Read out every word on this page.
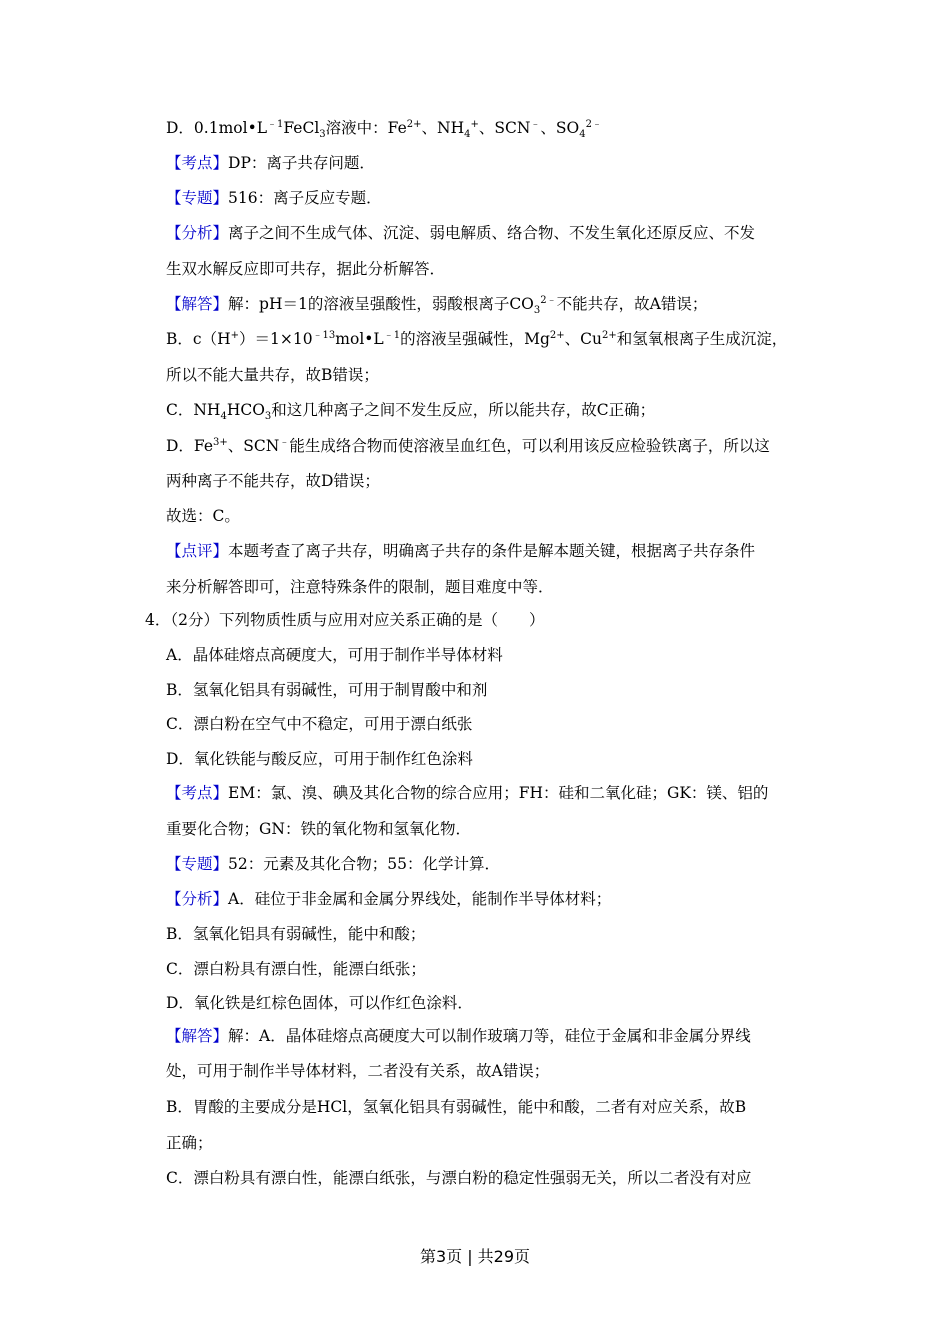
D．$0.1mol•L^{﹣1}FeCl_3$溶液中：$Fe^{2+}$、$NH_4^+$、SCN﹣、$SO_4^{2﹣}$
【考点】DP：离子共存问题．
【专题】516：离子反应专题．
【分析】离子之间不生成气体、沉淀、弱电解质、络合物、不发生氧化还原反应、不发
生双水解反应即可共存，据此分析解答．
【解答】解：pH＝1的溶液呈强酸性，弱酸根离子$CO_3^{2﹣}$不能共存，故A错误；
B．$c(H^+)=1\times 10^{﹣13}mol•L^{﹣1}$的溶液呈强碱性，$Mg^{2+}$、$Cu^{2+}$和氢氧根离子生成沉淀，
所以不能大量共存，故B错误；
C．$NH_4HCO_3$和这几种离子之间不发生反应，所以能共存，故C正确；
D．$Fe^{3+}$、SCN﹣能生成络合物而使溶液呈血红色，可以利用该反应检验铁离子，所以这
两种离子不能共存，故D错误；
故选：C。
【点评】本题考查了离子共存，明确离子共存的条件是解本题关键，根据离子共存条件
来分析解答即可，注意特殊条件的限制，题目难度中等．
4．（2分）下列物质性质与应用对应关系正确的是（　　）
A．晶体硅熔点高硬度大，可用于制作半导体材料
B．氢氧化铝具有弱碱性，可用于制胃酸中和剂
C．漂白粉在空气中不稳定，可用于漂白纸张
D．氧化铁能与酸反应，可用于制作红色涂料
【考点】EM：氯、溴、碘及其化合物的综合应用；FH：硅和二氧化硅；GK：镁、铝的
重要化合物；GN：铁的氧化物和氢氧化物．
【专题】52：元素及其化合物；55：化学计算．
【分析】A．硅位于非金属和金属分界线处，能制作半导体材料；
B．氢氧化铝具有弱碱性，能中和酸；
C．漂白粉具有漂白性，能漂白纸张；
D．氧化铁是红棕色固体，可以作红色涂料．
【解答】解：A．晶体硅熔点高硬度大可以制作玻璃刀等，硅位于金属和非金属分界线
处，可用于制作半导体材料，二者没有关系，故A错误；
B．胃酸的主要成分是HCl，氢氧化铝具有弱碱性，能中和酸，二者有对应关系，故B
正确；
C．漂白粉具有漂白性，能漂白纸张，与漂白粉的稳定性强弱无关，所以二者没有对应
第3页 | 共29页
